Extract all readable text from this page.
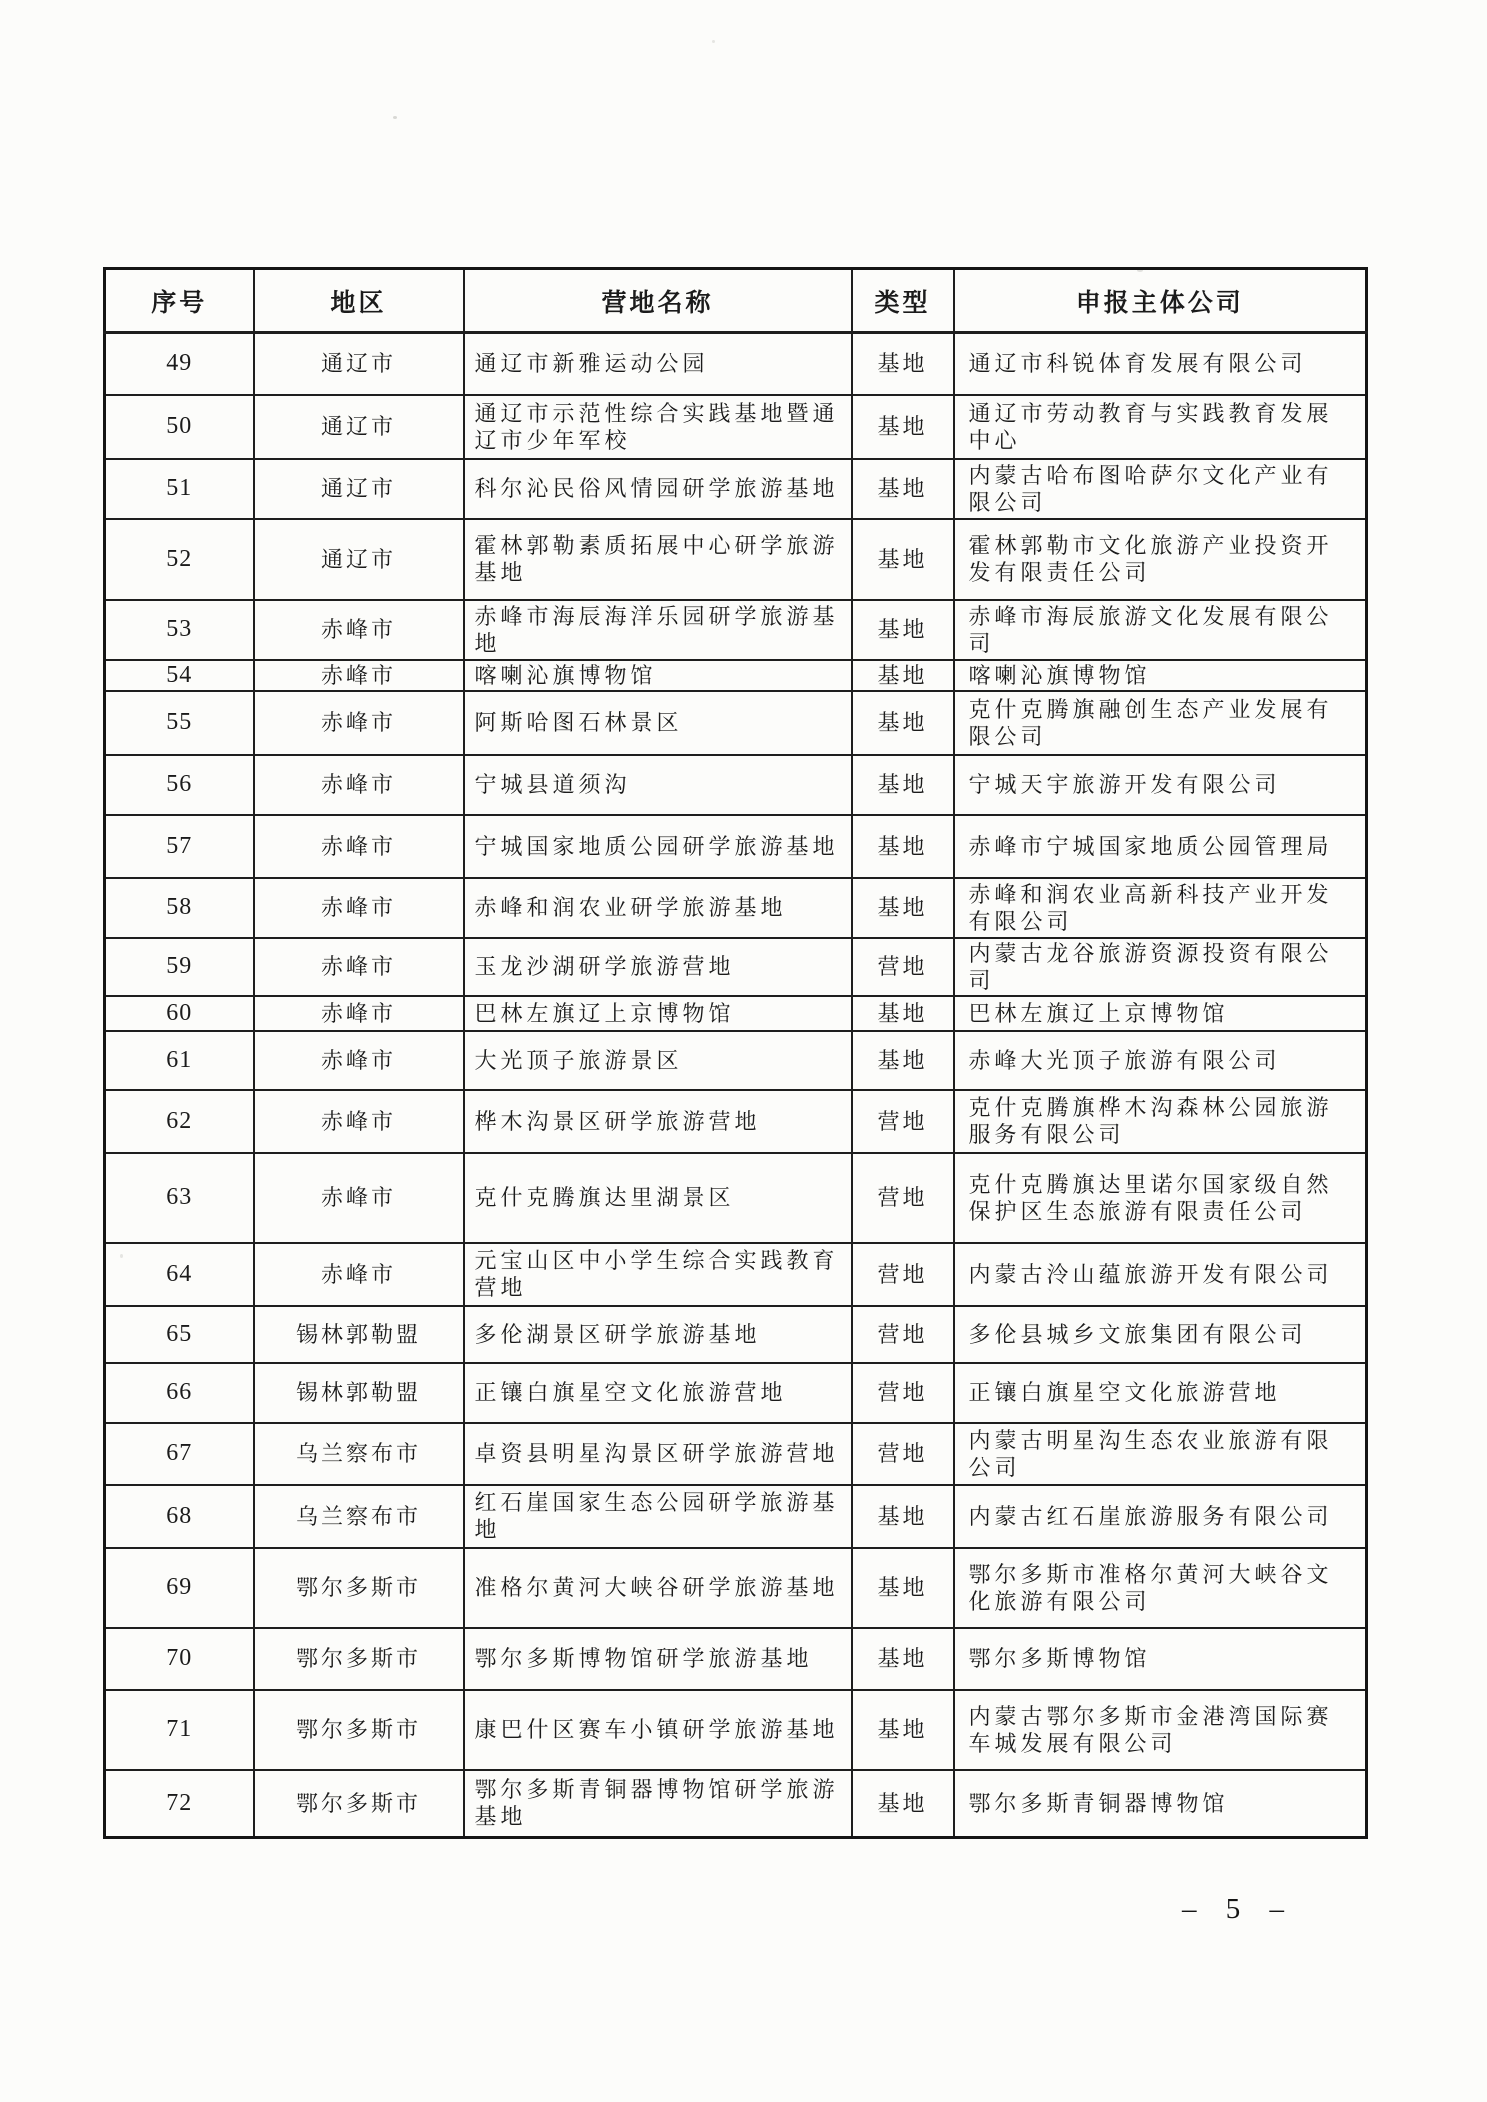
序号	地区	营地名称	类型	申报主体公司
49	通辽市	通辽市新雅运动公园	基地	通辽市科锐体育发展有限公司
50	通辽市	通辽市示范性综合实践基地暨通辽市少年军校	基地	通辽市劳动教育与实践教育发展中心
51	通辽市	科尔沁民俗风情园研学旅游基地	基地	内蒙古哈布图哈萨尔文化产业有限公司
52	通辽市	霍林郭勒素质拓展中心研学旅游基地	基地	霍林郭勒市文化旅游产业投资开发有限责任公司
53	赤峰市	赤峰市海辰海洋乐园研学旅游基地	基地	赤峰市海辰旅游文化发展有限公司
54	赤峰市	喀喇沁旗博物馆	基地	喀喇沁旗博物馆
55	赤峰市	阿斯哈图石林景区	基地	克什克腾旗融创生态产业发展有限公司
56	赤峰市	宁城县道须沟	基地	宁城天宇旅游开发有限公司
57	赤峰市	宁城国家地质公园研学旅游基地	基地	赤峰市宁城国家地质公园管理局
58	赤峰市	赤峰和润农业研学旅游基地	基地	赤峰和润农业高新科技产业开发有限公司
59	赤峰市	玉龙沙湖研学旅游营地	营地	内蒙古龙谷旅游资源投资有限公司
60	赤峰市	巴林左旗辽上京博物馆	基地	巴林左旗辽上京博物馆
61	赤峰市	大光顶子旅游景区	基地	赤峰大光顶子旅游有限公司
62	赤峰市	桦木沟景区研学旅游营地	营地	克什克腾旗桦木沟森林公园旅游服务有限公司
63	赤峰市	克什克腾旗达里湖景区	营地	克什克腾旗达里诺尔国家级自然保护区生态旅游有限责任公司
64	赤峰市	元宝山区中小学生综合实践教育营地	营地	内蒙古泠山蕴旅游开发有限公司
65	锡林郭勒盟	多伦湖景区研学旅游基地	营地	多伦县城乡文旅集团有限公司
66	锡林郭勒盟	正镶白旗星空文化旅游营地	营地	正镶白旗星空文化旅游营地
67	乌兰察布市	卓资县明星沟景区研学旅游营地	营地	内蒙古明星沟生态农业旅游有限公司
68	乌兰察布市	红石崖国家生态公园研学旅游基地	基地	内蒙古红石崖旅游服务有限公司
69	鄂尔多斯市	准格尔黄河大峡谷研学旅游基地	基地	鄂尔多斯市准格尔黄河大峡谷文化旅游有限公司
70	鄂尔多斯市	鄂尔多斯博物馆研学旅游基地	基地	鄂尔多斯博物馆
71	鄂尔多斯市	康巴什区赛车小镇研学旅游基地	基地	内蒙古鄂尔多斯市金港湾国际赛车城发展有限公司
72	鄂尔多斯市	鄂尔多斯青铜器博物馆研学旅游基地	基地	鄂尔多斯青铜器博物馆
– 5 –
